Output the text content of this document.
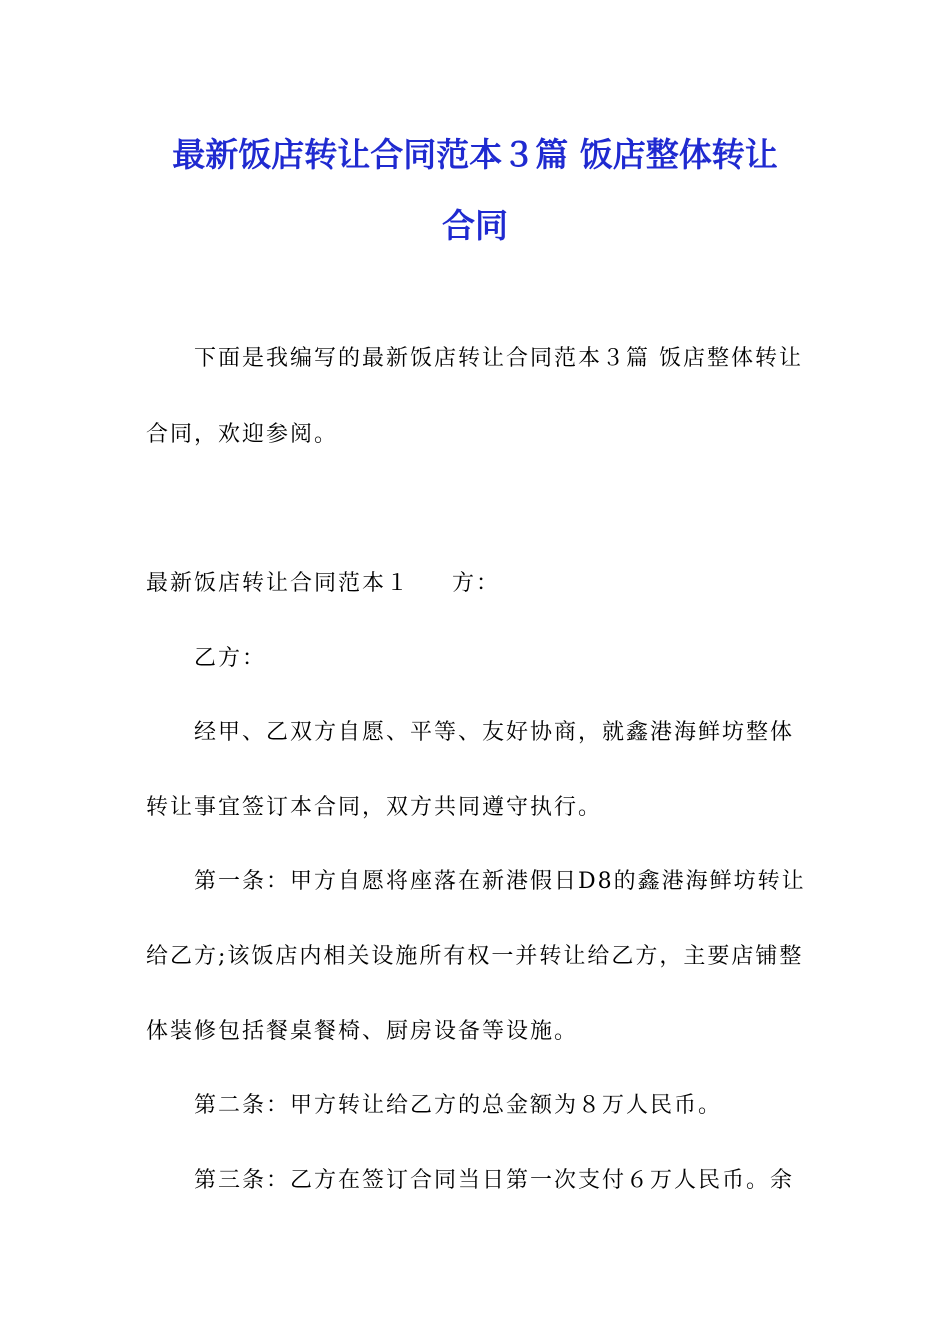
最新饭店转让合同范本３篇 饭店整体转让
合同
下面是我编写的最新饭店转让合同范本３篇 饭店整体转让
合同，欢迎参阅。
最新饭店转让合同范本１ 方：
乙方：
经甲、乙双方自愿、平等、友好协商，就鑫港海鲜坊整体
转让事宜签订本合同，双方共同遵守执行。
第一条：甲方自愿将座落在新港假日D8的鑫港海鲜坊转让
给乙方;该饭店内相关设施所有权一并转让给乙方，主要店铺整
体装修包括餐桌餐椅、厨房设备等设施。
第二条：甲方转让给乙方的总金额为８万人民币。
第三条：乙方在签订合同当日第一次支付６万人民币。余
